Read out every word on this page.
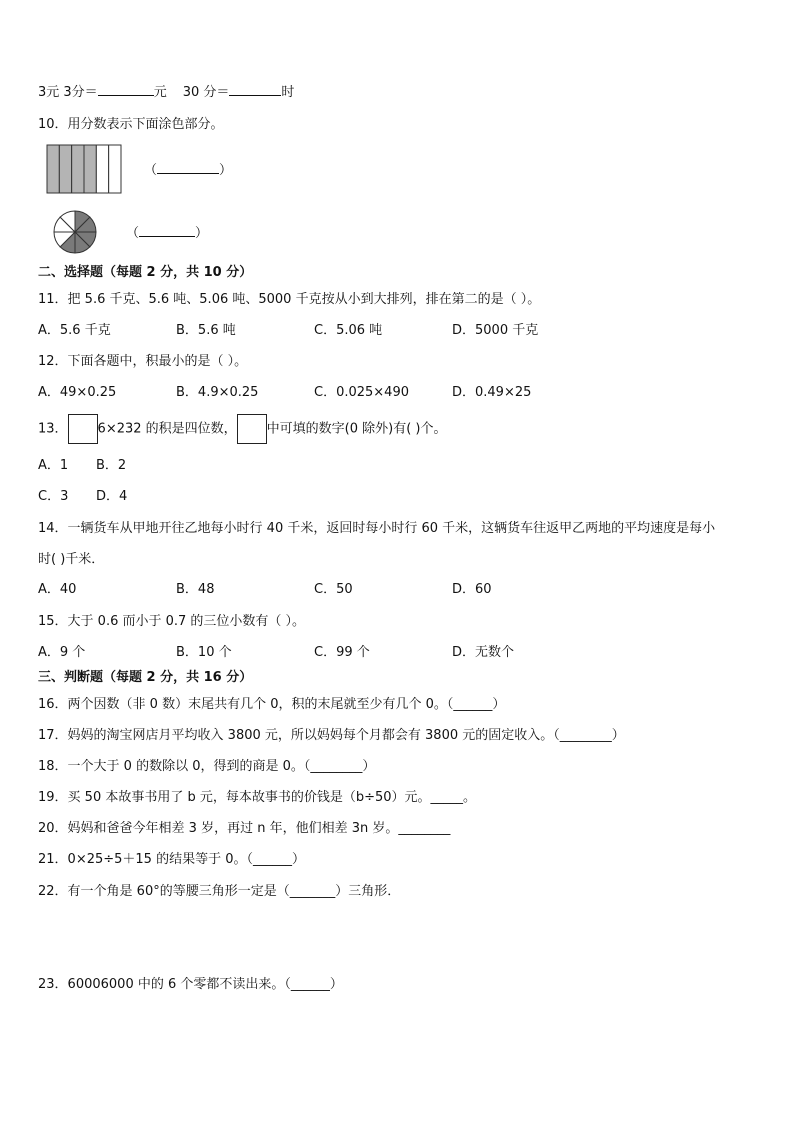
3元 3分＝	元 30 分＝	时
10．用分数表示下面涂色部分。
（	）
（	）
二、选择题（每题 2 分，共 10 分）
11．把 5.6 千克、5.6 吨、5.06 吨、5000 千克按从小到大排列，排在第二的是（ ）。
A．5.6 千克	B．5.6 吨	C．5.06 吨	D．5000 千克
12．下面各题中，积最小的是（ ）。
A．49×0.25	B．4.9×0.25	C．0.025×490	D．0.49×25
13． 6×232 的积是四位数， 中可填的数字(0 除外)有( )个。
A．1 B．2
C．3 D．4
14．一辆货车从甲地开往乙地每小时行 40 千米，返回时每小时行 60 千米，这辆货车往返甲乙两地的平均速度是每小
时( )千米．
A．40	B．48	C．50	D．60
15．大于 0.6 而小于 0.7 的三位小数有（ ）。
A．9 个	B．10 个	C．99 个	D．无数个
三、判断题（每题 2 分，共 16 分）
16．两个因数（非 0 数）末尾共有几个 0，积的末尾就至少有几个 0。（______）
17．妈妈的淘宝网店月平均收入 3800 元，所以妈妈每个月都会有 3800 元的固定收入。（________）
18．一个大于 0 的数除以 0，得到的商是 0。（________）
19．买 50 本故事书用了 b 元，每本故事书的价钱是（b÷50）元。_____。
20．妈妈和爸爸今年相差 3 岁，再过 n 年，他们相差 3n 岁。________
21．0×25÷5＋15 的结果等于 0。（______）
22．有一个角是 60°的等腰三角形一定是（_______）三角形．
23．60006000 中的 6 个零都不读出来。（______）
